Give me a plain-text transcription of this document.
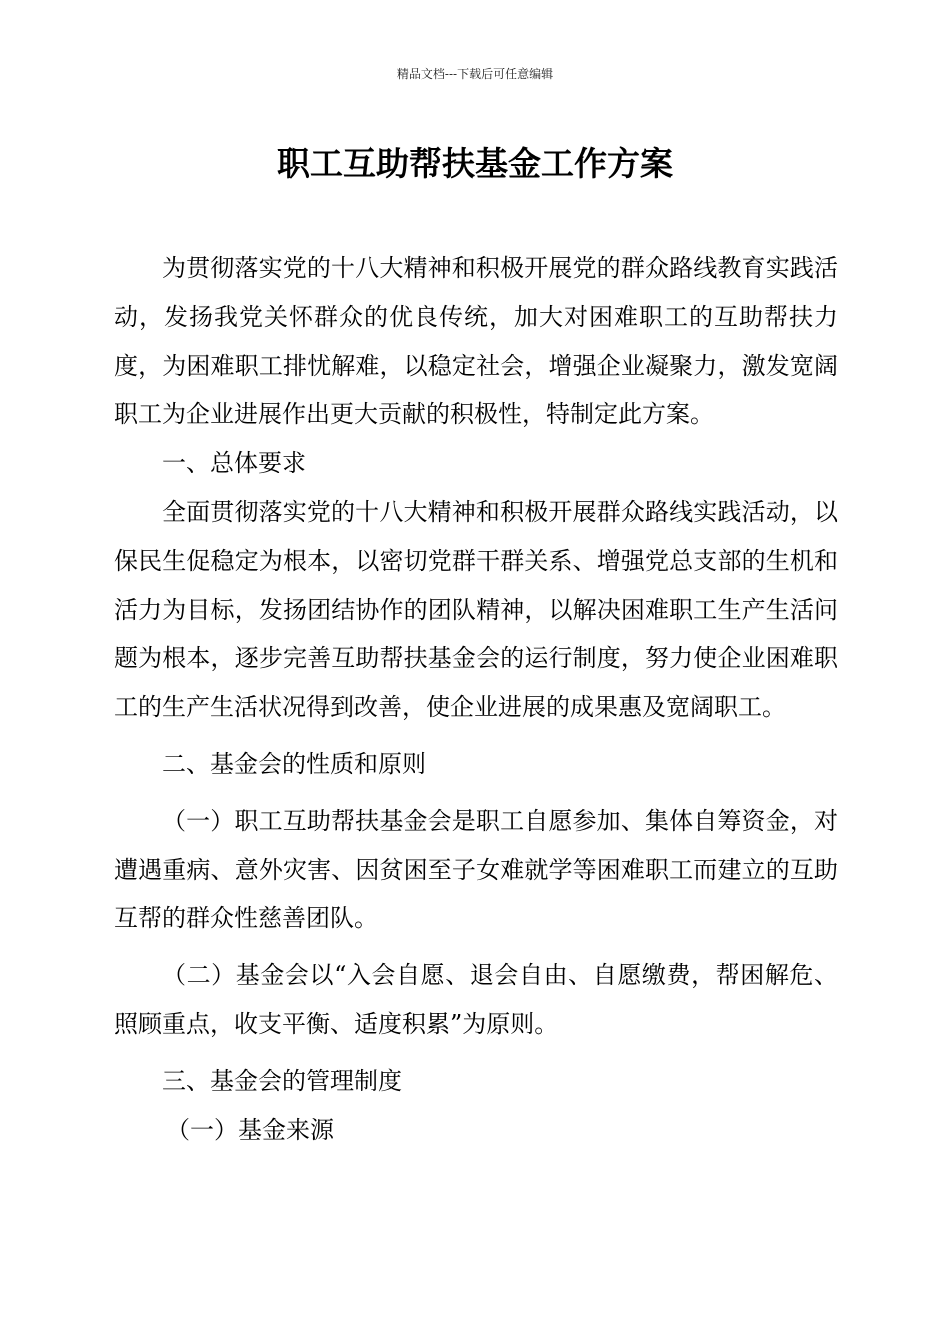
精品文档---下载后可任意编辑
职工互助帮扶基金工作方案

为贯彻落实党的十八大精神和积极开展党的群众路线教育实践活动，发扬我党关怀群众的优良传统，加大对困难职工的互助帮扶力度，为困难职工排忧解难，以稳定社会，增强企业凝聚力，激发宽阔职工为企业进展作出更大贡献的积极性，特制定此方案。

一、总体要求

全面贯彻落实党的十八大精神和积极开展群众路线实践活动，以保民生促稳定为根本，以密切党群干群关系、增强党总支部的生机和活力为目标，发扬团结协作的团队精神，以解决困难职工生产生活问题为根本，逐步完善互助帮扶基金会的运行制度，努力使企业困难职工的生产生活状况得到改善，使企业进展的成果惠及宽阔职工。

二、基金会的性质和原则

（一）职工互助帮扶基金会是职工自愿参加、集体自筹资金，对遭遇重病、意外灾害、因贫困至子女难就学等困难职工而建立的互助互帮的群众性慈善团队。

（二）基金会以“入会自愿、退会自由、自愿缴费，帮困解危、照顾重点，收支平衡、适度积累”为原则。

三、基金会的管理制度

（一）基金来源
